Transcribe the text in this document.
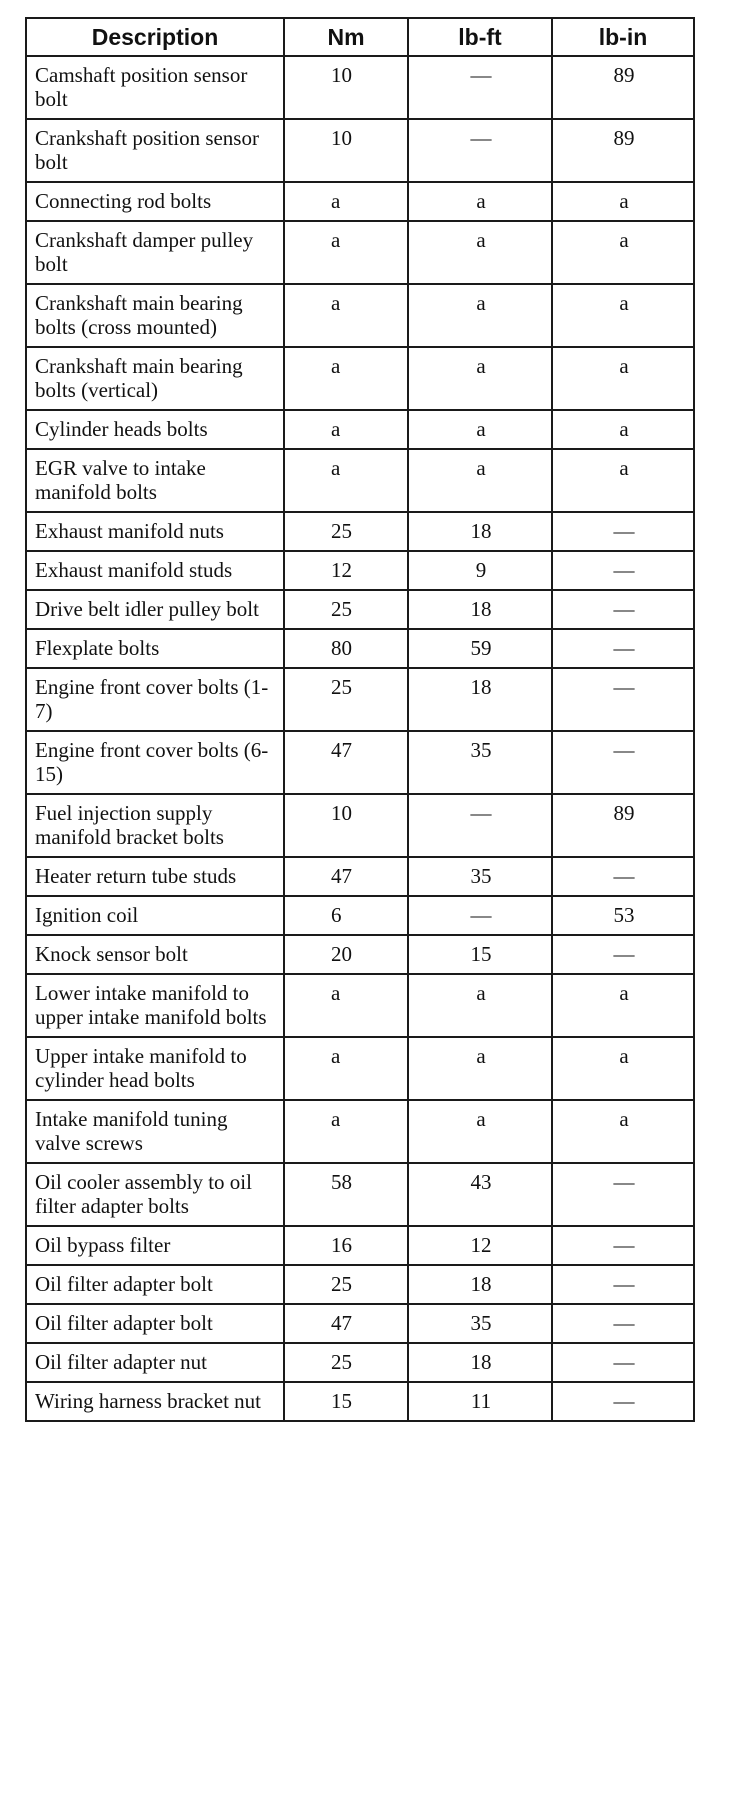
Description	Nm	lb-ft	lb-in
Camshaft position sensor bolt	10	—	89
Crankshaft position sensor bolt	10	—	89
Connecting rod bolts	a	a	a
Crankshaft damper pulley bolt	a	a	a
Crankshaft main bearing bolts (cross mounted)	a	a	a
Crankshaft main bearing bolts (vertical)	a	a	a
Cylinder heads bolts	a	a	a
EGR valve to intake manifold bolts	a	a	a
Exhaust manifold nuts	25	18	—
Exhaust manifold studs	12	9	—
Drive belt idler pulley bolt	25	18	—
Flexplate bolts	80	59	—
Engine front cover bolts (1-7)	25	18	—
Engine front cover bolts (6-15)	47	35	—
Fuel injection supply manifold bracket bolts	10	—	89
Heater return tube studs	47	35	—
Ignition coil	6	—	53
Knock sensor bolt	20	15	—
Lower intake manifold to upper intake manifold bolts	a	a	a
Upper intake manifold to cylinder head bolts	a	a	a
Intake manifold tuning valve screws	a	a	a
Oil cooler assembly to oil filter adapter bolts	58	43	—
Oil bypass filter	16	12	—
Oil filter adapter bolt	25	18	—
Oil filter adapter bolt	47	35	—
Oil filter adapter nut	25	18	—
Wiring harness bracket nut	15	11	—
